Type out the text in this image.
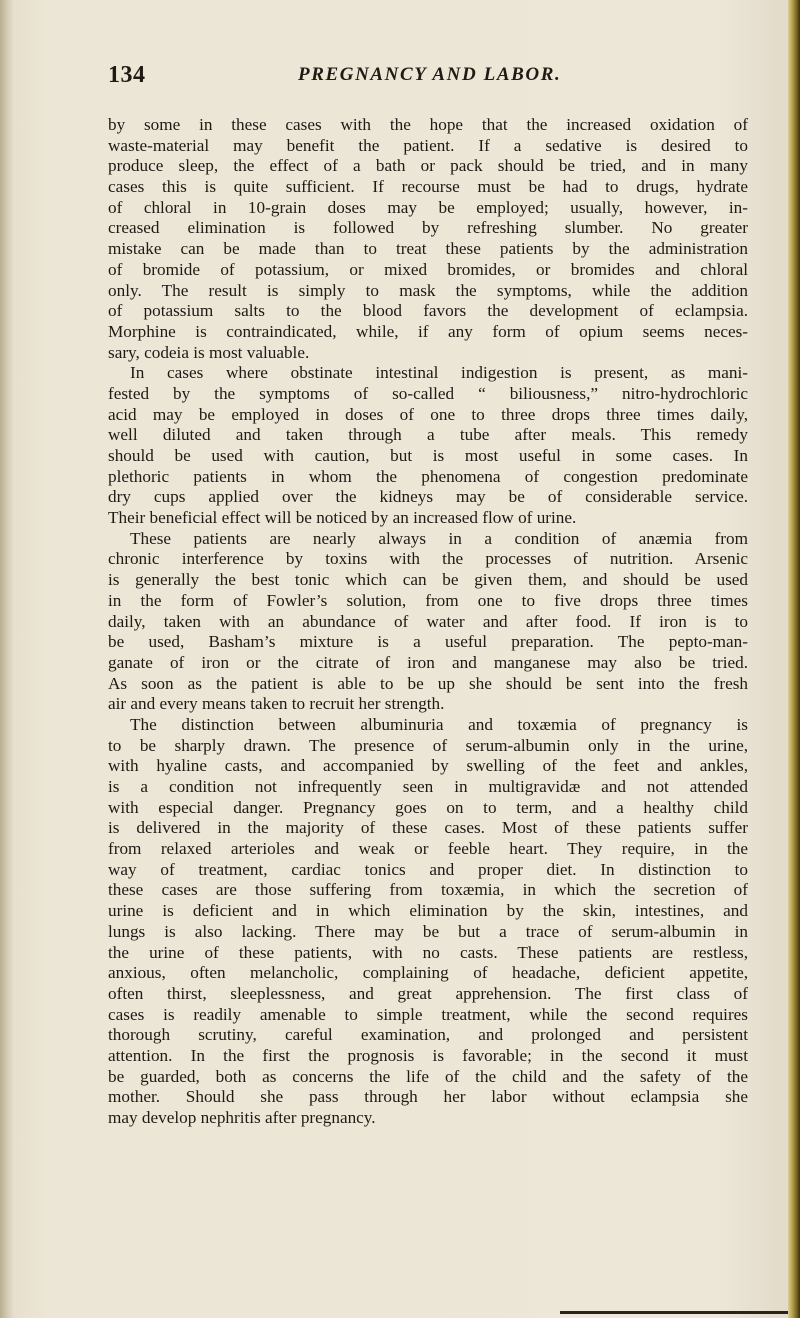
134	PREGNANCY AND LABOR.
by some in these cases with the hope that the increased oxidation of
waste-material may benefit the patient. If a sedative is desired to
produce sleep, the effect of a bath or pack should be tried, and in many
cases this is quite sufficient. If recourse must be had to drugs, hydrate
of chloral in 10-grain doses may be employed; usually, however, in-
creased elimination is followed by refreshing slumber. No greater
mistake can be made than to treat these patients by the administration
of bromide of potassium, or mixed bromides, or bromides and chloral
only. The result is simply to mask the symptoms, while the addition
of potassium salts to the blood favors the development of eclampsia.
Morphine is contraindicated, while, if any form of opium seems neces-
sary, codeia is most valuable.
In cases where obstinate intestinal indigestion is present, as mani-
fested by the symptoms of so-called “ biliousness,” nitro-hydrochloric
acid may be employed in doses of one to three drops three times daily,
well diluted and taken through a tube after meals. This remedy
should be used with caution, but is most useful in some cases. In
plethoric patients in whom the phenomena of congestion predominate
dry cups applied over the kidneys may be of considerable service.
Their beneficial effect will be noticed by an increased flow of urine.
These patients are nearly always in a condition of anæmia from
chronic interference by toxins with the processes of nutrition. Arsenic
is generally the best tonic which can be given them, and should be used
in the form of Fowler’s solution, from one to five drops three times
daily, taken with an abundance of water and after food. If iron is to
be used, Basham’s mixture is a useful preparation. The pepto-man-
ganate of iron or the citrate of iron and manganese may also be tried.
As soon as the patient is able to be up she should be sent into the fresh
air and every means taken to recruit her strength.
The distinction between albuminuria and toxæmia of pregnancy is
to be sharply drawn. The presence of serum-albumin only in the urine,
with hyaline casts, and accompanied by swelling of the feet and ankles,
is a condition not infrequently seen in multigravidæ and not attended
with especial danger. Pregnancy goes on to term, and a healthy child
is delivered in the majority of these cases. Most of these patients suffer
from relaxed arterioles and weak or feeble heart. They require, in the
way of treatment, cardiac tonics and proper diet. In distinction to
these cases are those suffering from toxæmia, in which the secretion of
urine is deficient and in which elimination by the skin, intestines, and
lungs is also lacking. There may be but a trace of serum-albumin in
the urine of these patients, with no casts. These patients are restless,
anxious, often melancholic, complaining of headache, deficient appetite,
often thirst, sleeplessness, and great apprehension. The first class of
cases is readily amenable to simple treatment, while the second requires
thorough scrutiny, careful examination, and prolonged and persistent
attention. In the first the prognosis is favorable; in the second it must
be guarded, both as concerns the life of the child and the safety of the
mother. Should she pass through her labor without eclampsia she
may develop nephritis after pregnancy.
